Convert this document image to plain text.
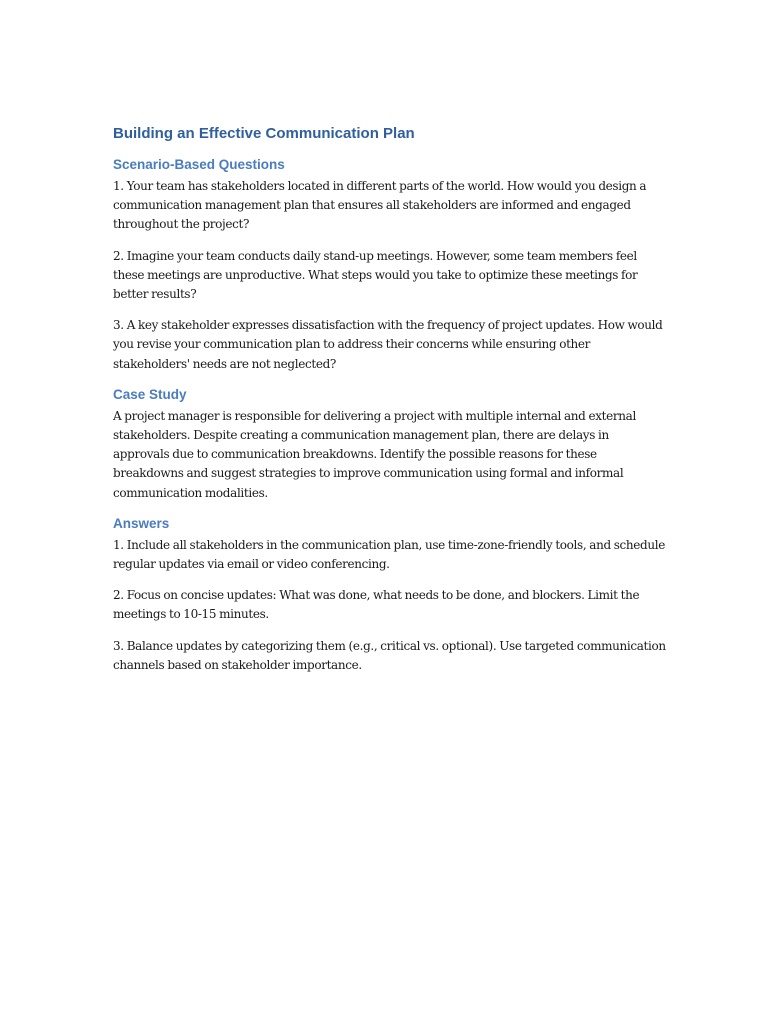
Building an Effective Communication Plan
Scenario-Based Questions

1. Your team has stakeholders located in different parts of the world. How would you design a communication management plan that ensures all stakeholders are informed and engaged throughout the project?

2. Imagine your team conducts daily stand-up meetings. However, some team members feel these meetings are unproductive. What steps would you take to optimize these meetings for better results?

3. A key stakeholder expresses dissatisfaction with the frequency of project updates. How would you revise your communication plan to address their concerns while ensuring other stakeholders' needs are not neglected?

Case Study

A project manager is responsible for delivering a project with multiple internal and external stakeholders. Despite creating a communication management plan, there are delays in approvals due to communication breakdowns. Identify the possible reasons for these breakdowns and suggest strategies to improve communication using formal and informal communication modalities.

Answers

1. Include all stakeholders in the communication plan, use time-zone-friendly tools, and schedule regular updates via email or video conferencing.

2. Focus on concise updates: What was done, what needs to be done, and blockers. Limit the meetings to 10-15 minutes.

3. Balance updates by categorizing them (e.g., critical vs. optional). Use targeted communication channels based on stakeholder importance.
